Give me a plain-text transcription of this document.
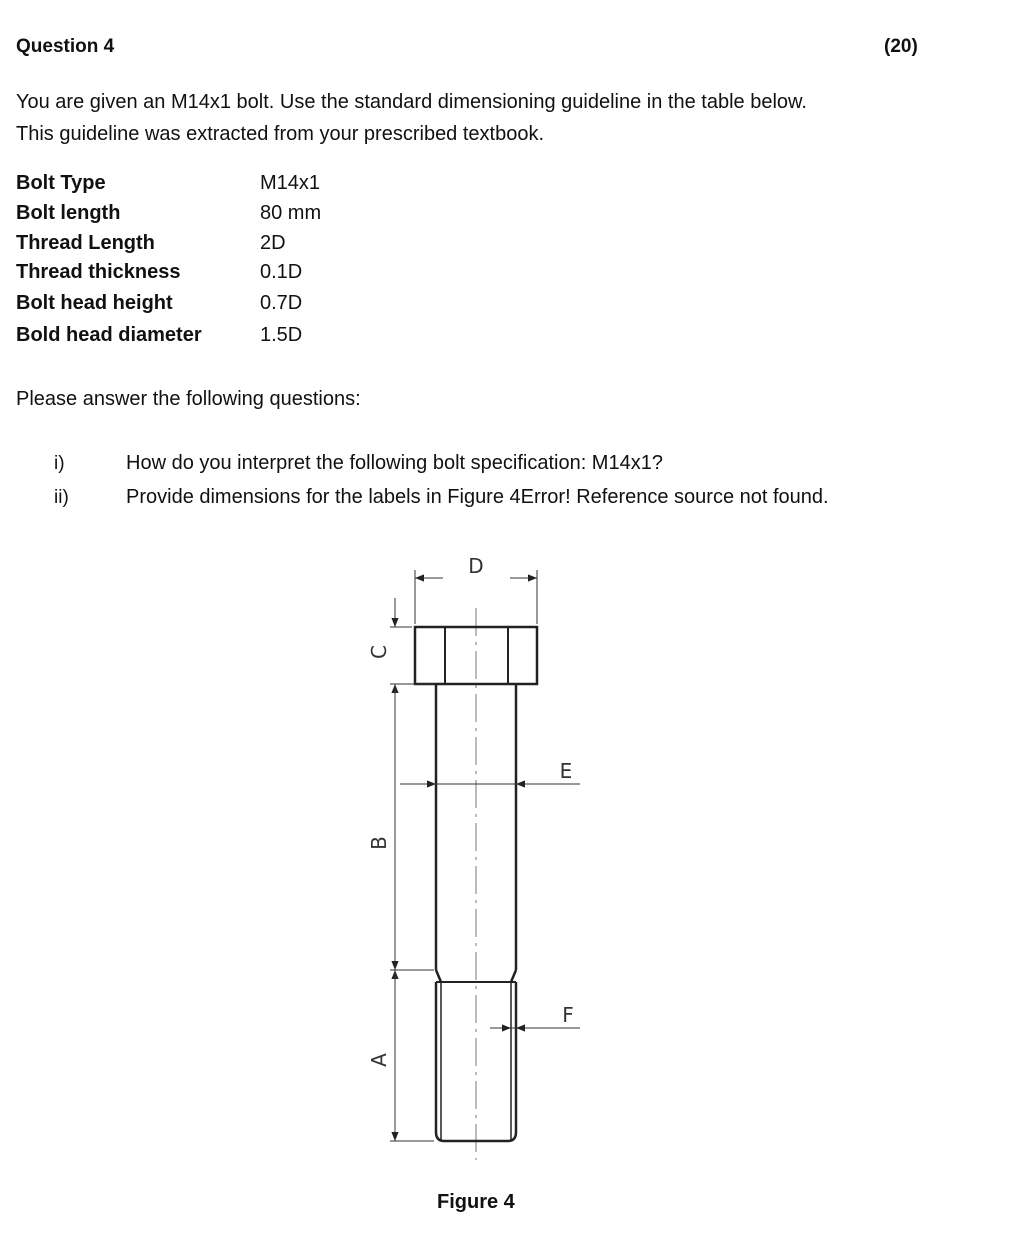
Question 4	(20)
You are given an M14x1 bolt. Use the standard dimensioning guideline in the table below.
This guideline was extracted from your prescribed textbook.
Bolt Type	M14x1
Bolt length	80 mm
Thread Length	2D
Thread thickness	0.1D
Bolt head height	0.7D
Bold head diameter	1.5D
Please answer the following questions:
i)	How do you interpret the following bolt specification: M14x1?
ii)	Provide dimensions for the labels in Figure 4Error! Reference source not found.
D
C
B
A
E
F
Figure 4
